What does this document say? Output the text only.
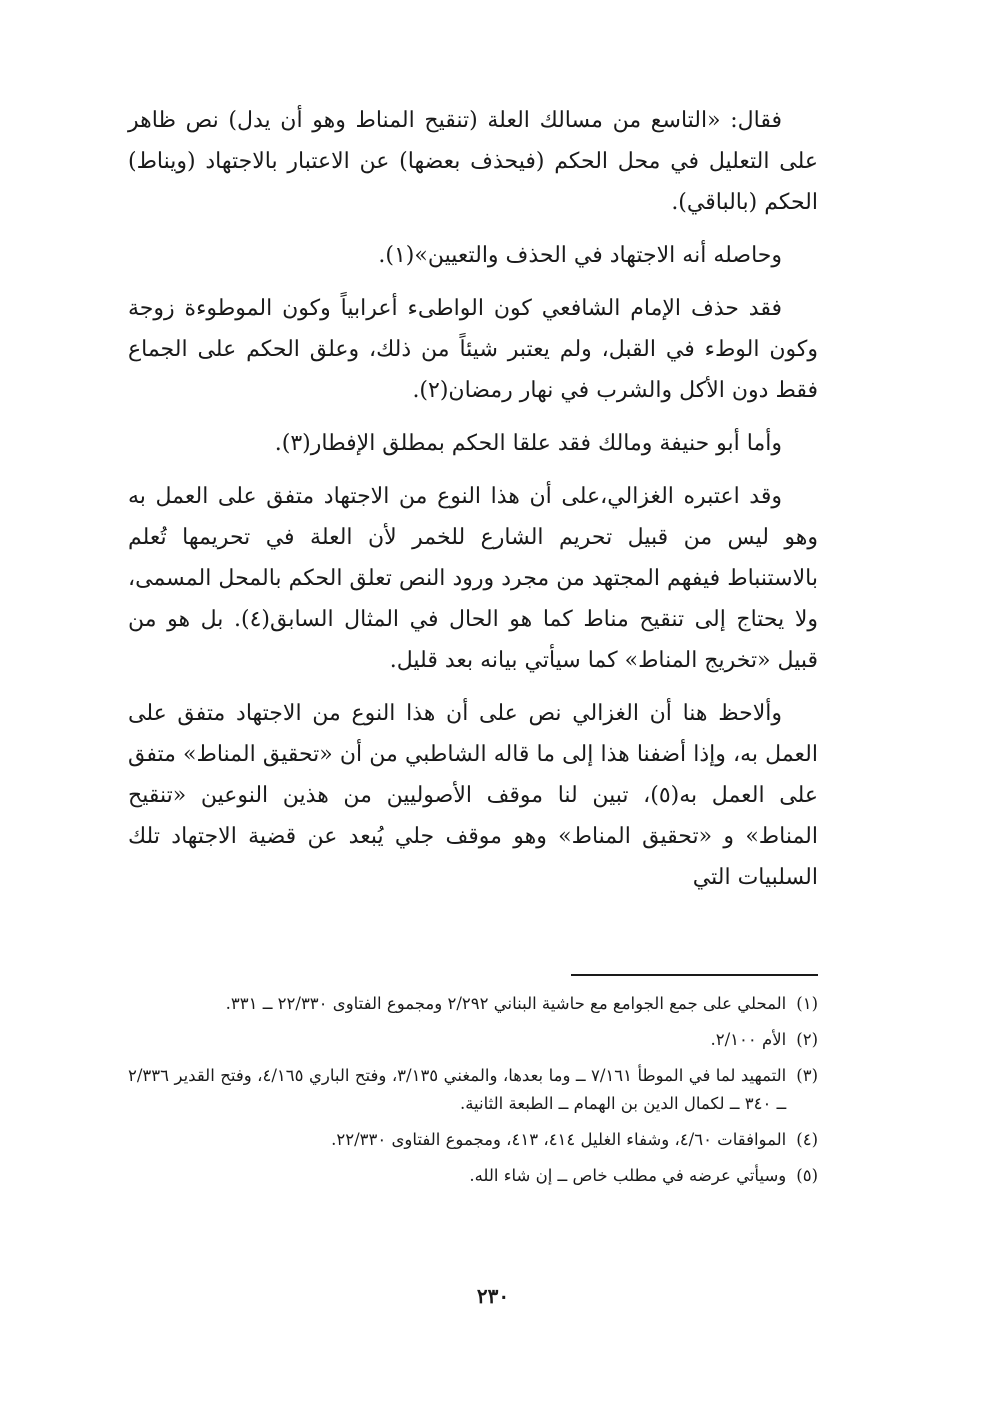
فقال: «التاسع من مسالك العلة (تنقيح المناط وهو أن يدل) نص ظاهر على التعليل في محل الحكم (فيحذف بعضها) عن الاعتبار بالاجتهاد (ويناط) الحكم (بالباقي).

وحاصله أنه الاجتهاد في الحذف والتعيين»(١).

فقد حذف الإمام الشافعي كون الواطىء أعرابياً وكون الموطوءة زوجة وكون الوطء في القبل، ولم يعتبر شيئاً من ذلك، وعلق الحكم على الجماع فقط دون الأكل والشرب في نهار رمضان(٢).

وأما أبو حنيفة ومالك فقد علقا الحكم بمطلق الإفطار(٣).

وقد اعتبره الغزالي،على أن هذا النوع من الاجتهاد متفق على العمل به وهو ليس من قبيل تحريم الشارع للخمر لأن العلة في تحريمها تُعلم بالاستنباط فيفهم المجتهد من مجرد ورود النص تعلق الحكم بالمحل المسمى، ولا يحتاج إلى تنقيح مناط كما هو الحال في المثال السابق(٤). بل هو من قبيل «تخريج المناط» كما سيأتي بيانه بعد قليل.

وألاحظ هنا أن الغزالي نص على أن هذا النوع من الاجتهاد متفق على العمل به، وإذا أضفنا هذا إلى ما قاله الشاطبي من أن «تحقيق المناط» متفق على العمل به(٥)، تبين لنا موقف الأصوليين من هذين النوعين «تنقيح المناط» و «تحقيق المناط» وهو موقف جلي يُبعد عن قضية الاجتهاد تلك السلبيات التي

(١)
المحلي على جمع الجوامع مع حاشية البناني ٢/٢٩٢ ومجموع الفتاوى ٢٢/٣٣٠ ــ ٣٣١.
(٢)
الأم ٢/١٠٠.
(٣)
التمهيد لما في الموطأ ٧/١٦١ ــ وما بعدها، والمغني ٣/١٣٥، وفتح الباري ٤/١٦٥، وفتح القدير ٢/٣٣٦ ــ ٣٤٠ ــ لكمال الدين بن الهمام ــ الطبعة الثانية.
(٤)
الموافقات ٤/٦٠، وشفاء الغليل ٤١٤، ٤١٣، ومجموع الفتاوى ٢٢/٣٣٠.
(٥)
وسيأتي عرضه في مطلب خاص ــ إن شاء الله.
٢٣٠
